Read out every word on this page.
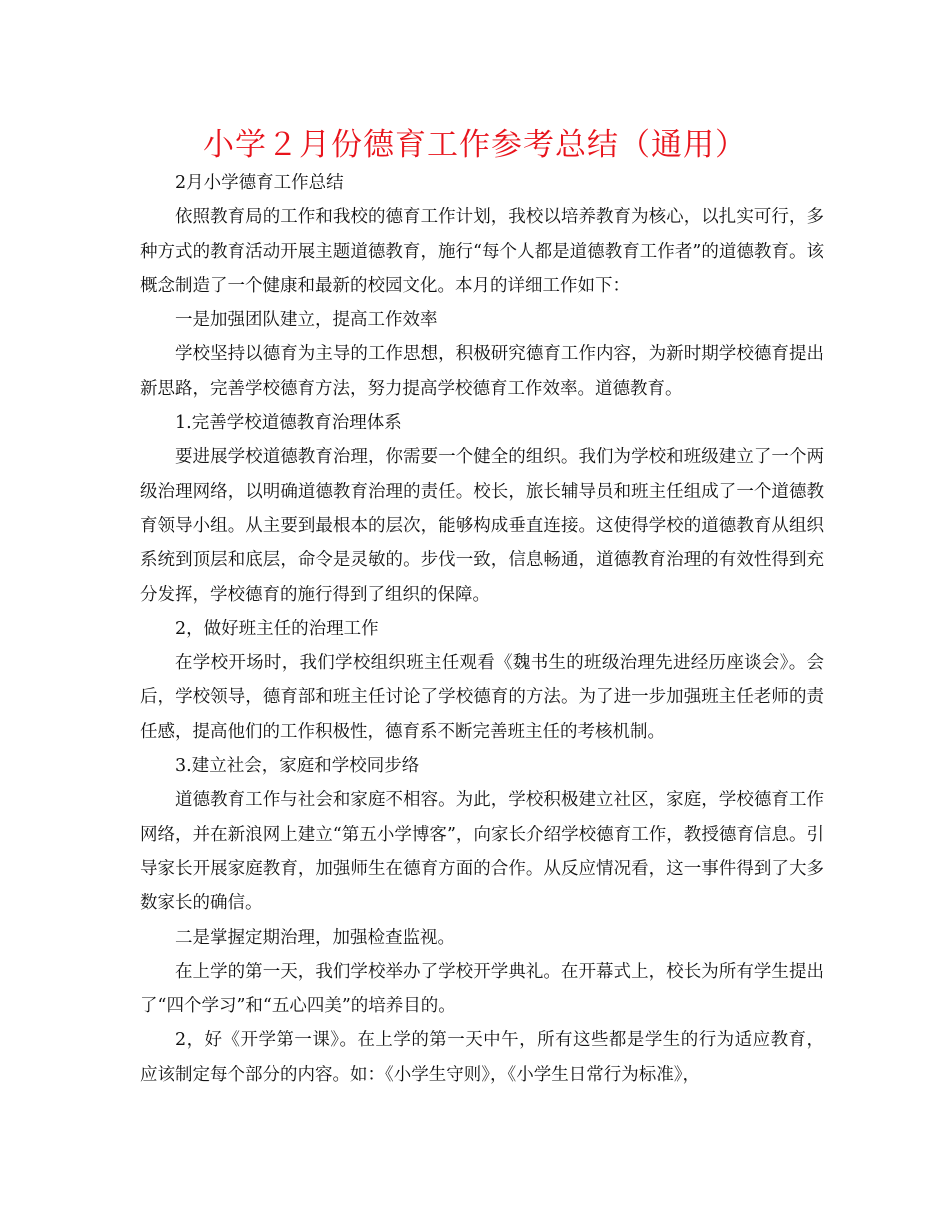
小学２月份德育工作参考总结（通用）

2月小学德育工作总结

依照教育局的工作和我校的德育工作计划，我校以培养教育为核心，以扎实可行，多种方式的教育活动开展主题道德教育，施行“每个人都是道德教育工作者”的道德教育。该概念制造了一个健康和最新的校园文化。本月的详细工作如下：

一是加强团队建立，提高工作效率

学校坚持以德育为主导的工作思想，积极研究德育工作内容，为新时期学校德育提出新思路，完善学校德育方法，努力提高学校德育工作效率。道德教育。

1.完善学校道德教育治理体系

要进展学校道德教育治理，你需要一个健全的组织。我们为学校和班级建立了一个两级治理网络，以明确道德教育治理的责任。校长，旅长辅导员和班主任组成了一个道德教育领导小组。从主要到最根本的层次，能够构成垂直连接。这使得学校的道德教育从组织系统到顶层和底层，命令是灵敏的。步伐一致，信息畅通，道德教育治理的有效性得到充分发挥，学校德育的施行得到了组织的保障。

2，做好班主任的治理工作

在学校开场时，我们学校组织班主任观看《魏书生的班级治理先进经历座谈会》。会后，学校领导，德育部和班主任讨论了学校德育的方法。为了进一步加强班主任老师的责任感，提高他们的工作积极性，德育系不断完善班主任的考核机制。

3.建立社会，家庭和学校同步络

道德教育工作与社会和家庭不相容。为此，学校积极建立社区，家庭，学校德育工作网络，并在新浪网上建立“第五小学博客”，向家长介绍学校德育工作，教授德育信息。引导家长开展家庭教育，加强师生在德育方面的合作。从反应情况看，这一事件得到了大多数家长的确信。

二是掌握定期治理，加强检查监视。

在上学的第一天，我们学校举办了学校开学典礼。在开幕式上，校长为所有学生提出了“四个学习”和“五心四美”的培养目的。

2，好《开学第一课》。在上学的第一天中午，所有这些都是学生的行为适应教育，应该制定每个部分的内容。如：《小学生守则》，《小学生日常行为标准》，
